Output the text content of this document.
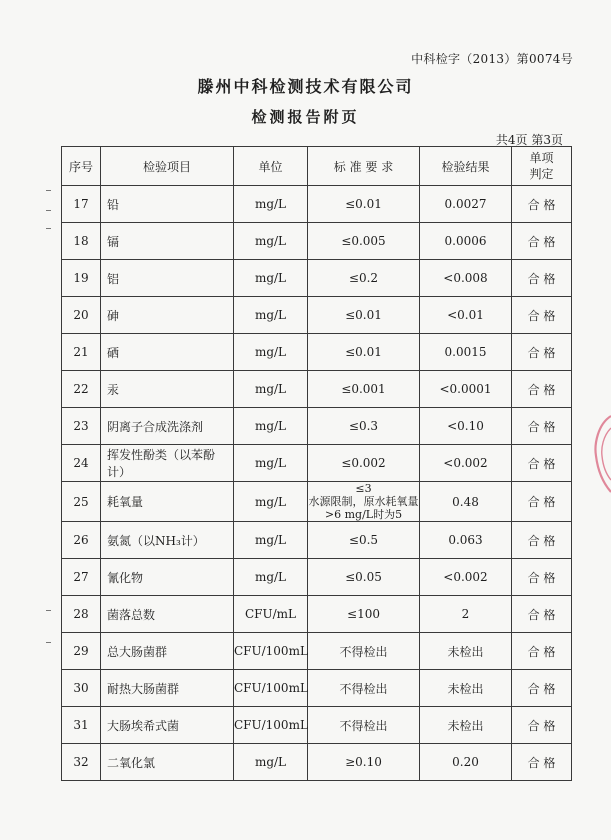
中科检字（2013）第0074号
滕州中科检测技术有限公司
检测报告附页
共4页 第3页
序号	检验项目	单位	标 准 要 求	检验结果	单项判定
17	铅	mg/L	≤0.01	0.0027	合 格
18	镉	mg/L	≤0.005	0.0006	合 格
19	铝	mg/L	≤0.2	<0.008	合 格
20	砷	mg/L	≤0.01	<0.01	合 格
21	硒	mg/L	≤0.01	0.0015	合 格
22	汞	mg/L	≤0.001	<0.0001	合 格
23	阴离子合成洗涤剂	mg/L	≤0.3	<0.10	合 格
24	挥发性酚类（以苯酚计）	mg/L	≤0.002	<0.002	合 格
25	耗氧量	mg/L	≤3
水源限制，原水耗氧量
>6 mg/L时为5	0.48	合 格
26	氨氮（以NH₃计）	mg/L	≤0.5	0.063	合 格
27	氰化物	mg/L	≤0.05	<0.002	合 格
28	菌落总数	CFU/mL	≤100	2	合 格
29	总大肠菌群	CFU/100mL	不得检出	未检出	合 格
30	耐热大肠菌群	CFU/100mL	不得检出	未检出	合 格
31	大肠埃希式菌	CFU/100mL	不得检出	未检出	合 格
32	二氧化氯	mg/L	≥0.10	0.20	合 格
